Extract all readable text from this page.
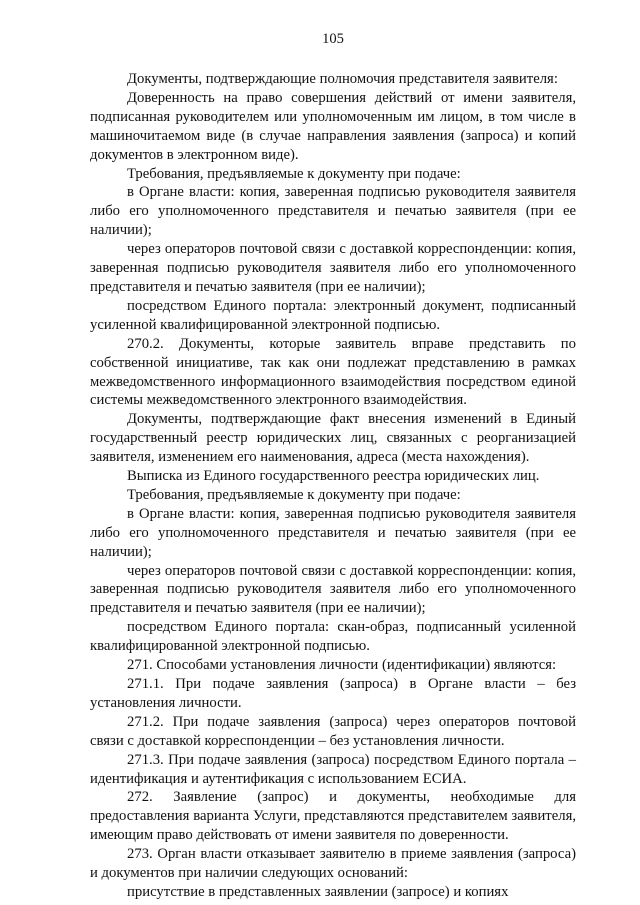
105

Документы, подтверждающие полномочия представителя заявителя:

Доверенность на право совершения действий от имени заявителя, подписанная руководителем или уполномоченным им лицом, в том числе в машиночитаемом виде (в случае направления заявления (запроса) и копий документов в электронном виде).

Требования, предъявляемые к документу при подаче:

в Органе власти: копия, заверенная подписью руководителя заявителя либо его уполномоченного представителя и печатью заявителя (при ее наличии);

через операторов почтовой связи с доставкой корреспонденции: копия, заверенная подписью руководителя заявителя либо его уполномоченного представителя и печатью заявителя (при ее наличии);

посредством Единого портала: электронный документ, подписанный усиленной квалифицированной электронной подписью.

270.2. Документы, которые заявитель вправе представить по собственной инициативе, так как они подлежат представлению в рамках межведомственного информационного взаимодействия посредством единой системы межведомственного электронного взаимодействия.

Документы, подтверждающие факт внесения изменений в Единый государственный реестр юридических лиц, связанных с реорганизацией заявителя, изменением его наименования, адреса (места нахождения).

Выписка из Единого государственного реестра юридических лиц.

Требования, предъявляемые к документу при подаче:

в Органе власти: копия, заверенная подписью руководителя заявителя либо его уполномоченного представителя и печатью заявителя (при ее наличии);

через операторов почтовой связи с доставкой корреспонденции: копия, заверенная подписью руководителя заявителя либо его уполномоченного представителя и печатью заявителя (при ее наличии);

посредством Единого портала: скан-образ, подписанный усиленной квалифицированной электронной подписью.

271. Способами установления личности (идентификации) являются:

271.1. При подаче заявления (запроса) в Органе власти – без установления личности.

271.2. При подаче заявления (запроса) через операторов почтовой связи с доставкой корреспонденции – без установления личности.

271.3. При подаче заявления (запроса) посредством Единого портала – идентификация и аутентификация с использованием ЕСИА.

272. Заявление (запрос) и документы, необходимые для предоставления варианта Услуги, представляются представителем заявителя, имеющим право действовать от имени заявителя по доверенности.

273. Орган власти отказывает заявителю в приеме заявления (запроса) и документов при наличии следующих оснований:

присутствие в представленных заявлении (запросе) и копиях
